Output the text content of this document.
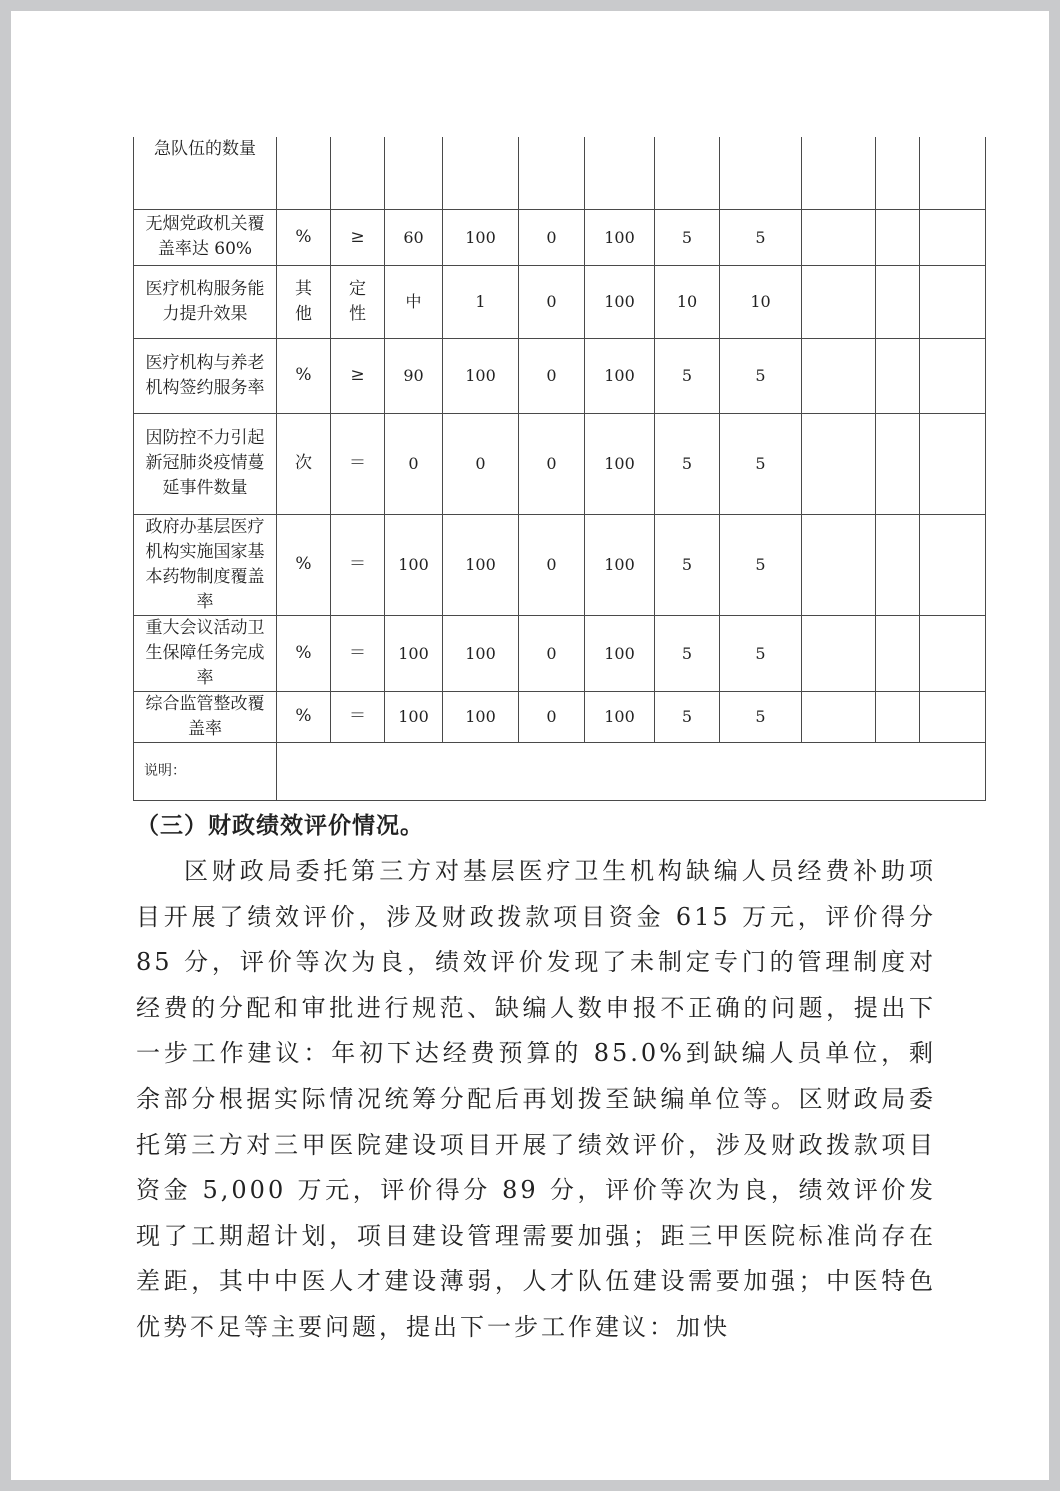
急队伍的数量											
无烟党政机关覆盖率达 60%	%	≥	60	100	0	100	5	5			
医疗机构服务能力提升效果	其他	定性	中	1	0	100	10	10			
医疗机构与养老机构签约服务率	%	≥	90	100	0	100	5	5			
因防控不力引起新冠肺炎疫情蔓延事件数量	次	＝	0	0	0	100	5	5			
政府办基层医疗机构实施国家基本药物制度覆盖率	%	＝	100	100	0	100	5	5			
重大会议活动卫生保障任务完成率	%	＝	100	100	0	100	5	5			
综合监管整改覆盖率	%	＝	100	100	0	100	5	5			
说明：											
（三）财政绩效评价情况。
区财政局委托第三方对基层医疗卫生机构缺编人员经费补助项目开展了绩效评价，涉及财政拨款项目资金 615 万元，评价得分 85 分，评价等次为良，绩效评价发现了未制定专门的管理制度对经费的分配和审批进行规范、缺编人数申报不正确的问题，提出下一步工作建议：年初下达经费预算的 85.0%到缺编人员单位，剩余部分根据实际情况统筹分配后再划拨至缺编单位等。区财政局委托第三方对三甲医院建设项目开展了绩效评价，涉及财政拨款项目资金 5,000 万元，评价得分 89 分，评价等次为良，绩效评价发现了工期超计划，项目建设管理需要加强；距三甲医院标准尚存在差距，其中中医人才建设薄弱，人才队伍建设需要加强；中医特色优势不足等主要问题，提出下一步工作建议：加快
